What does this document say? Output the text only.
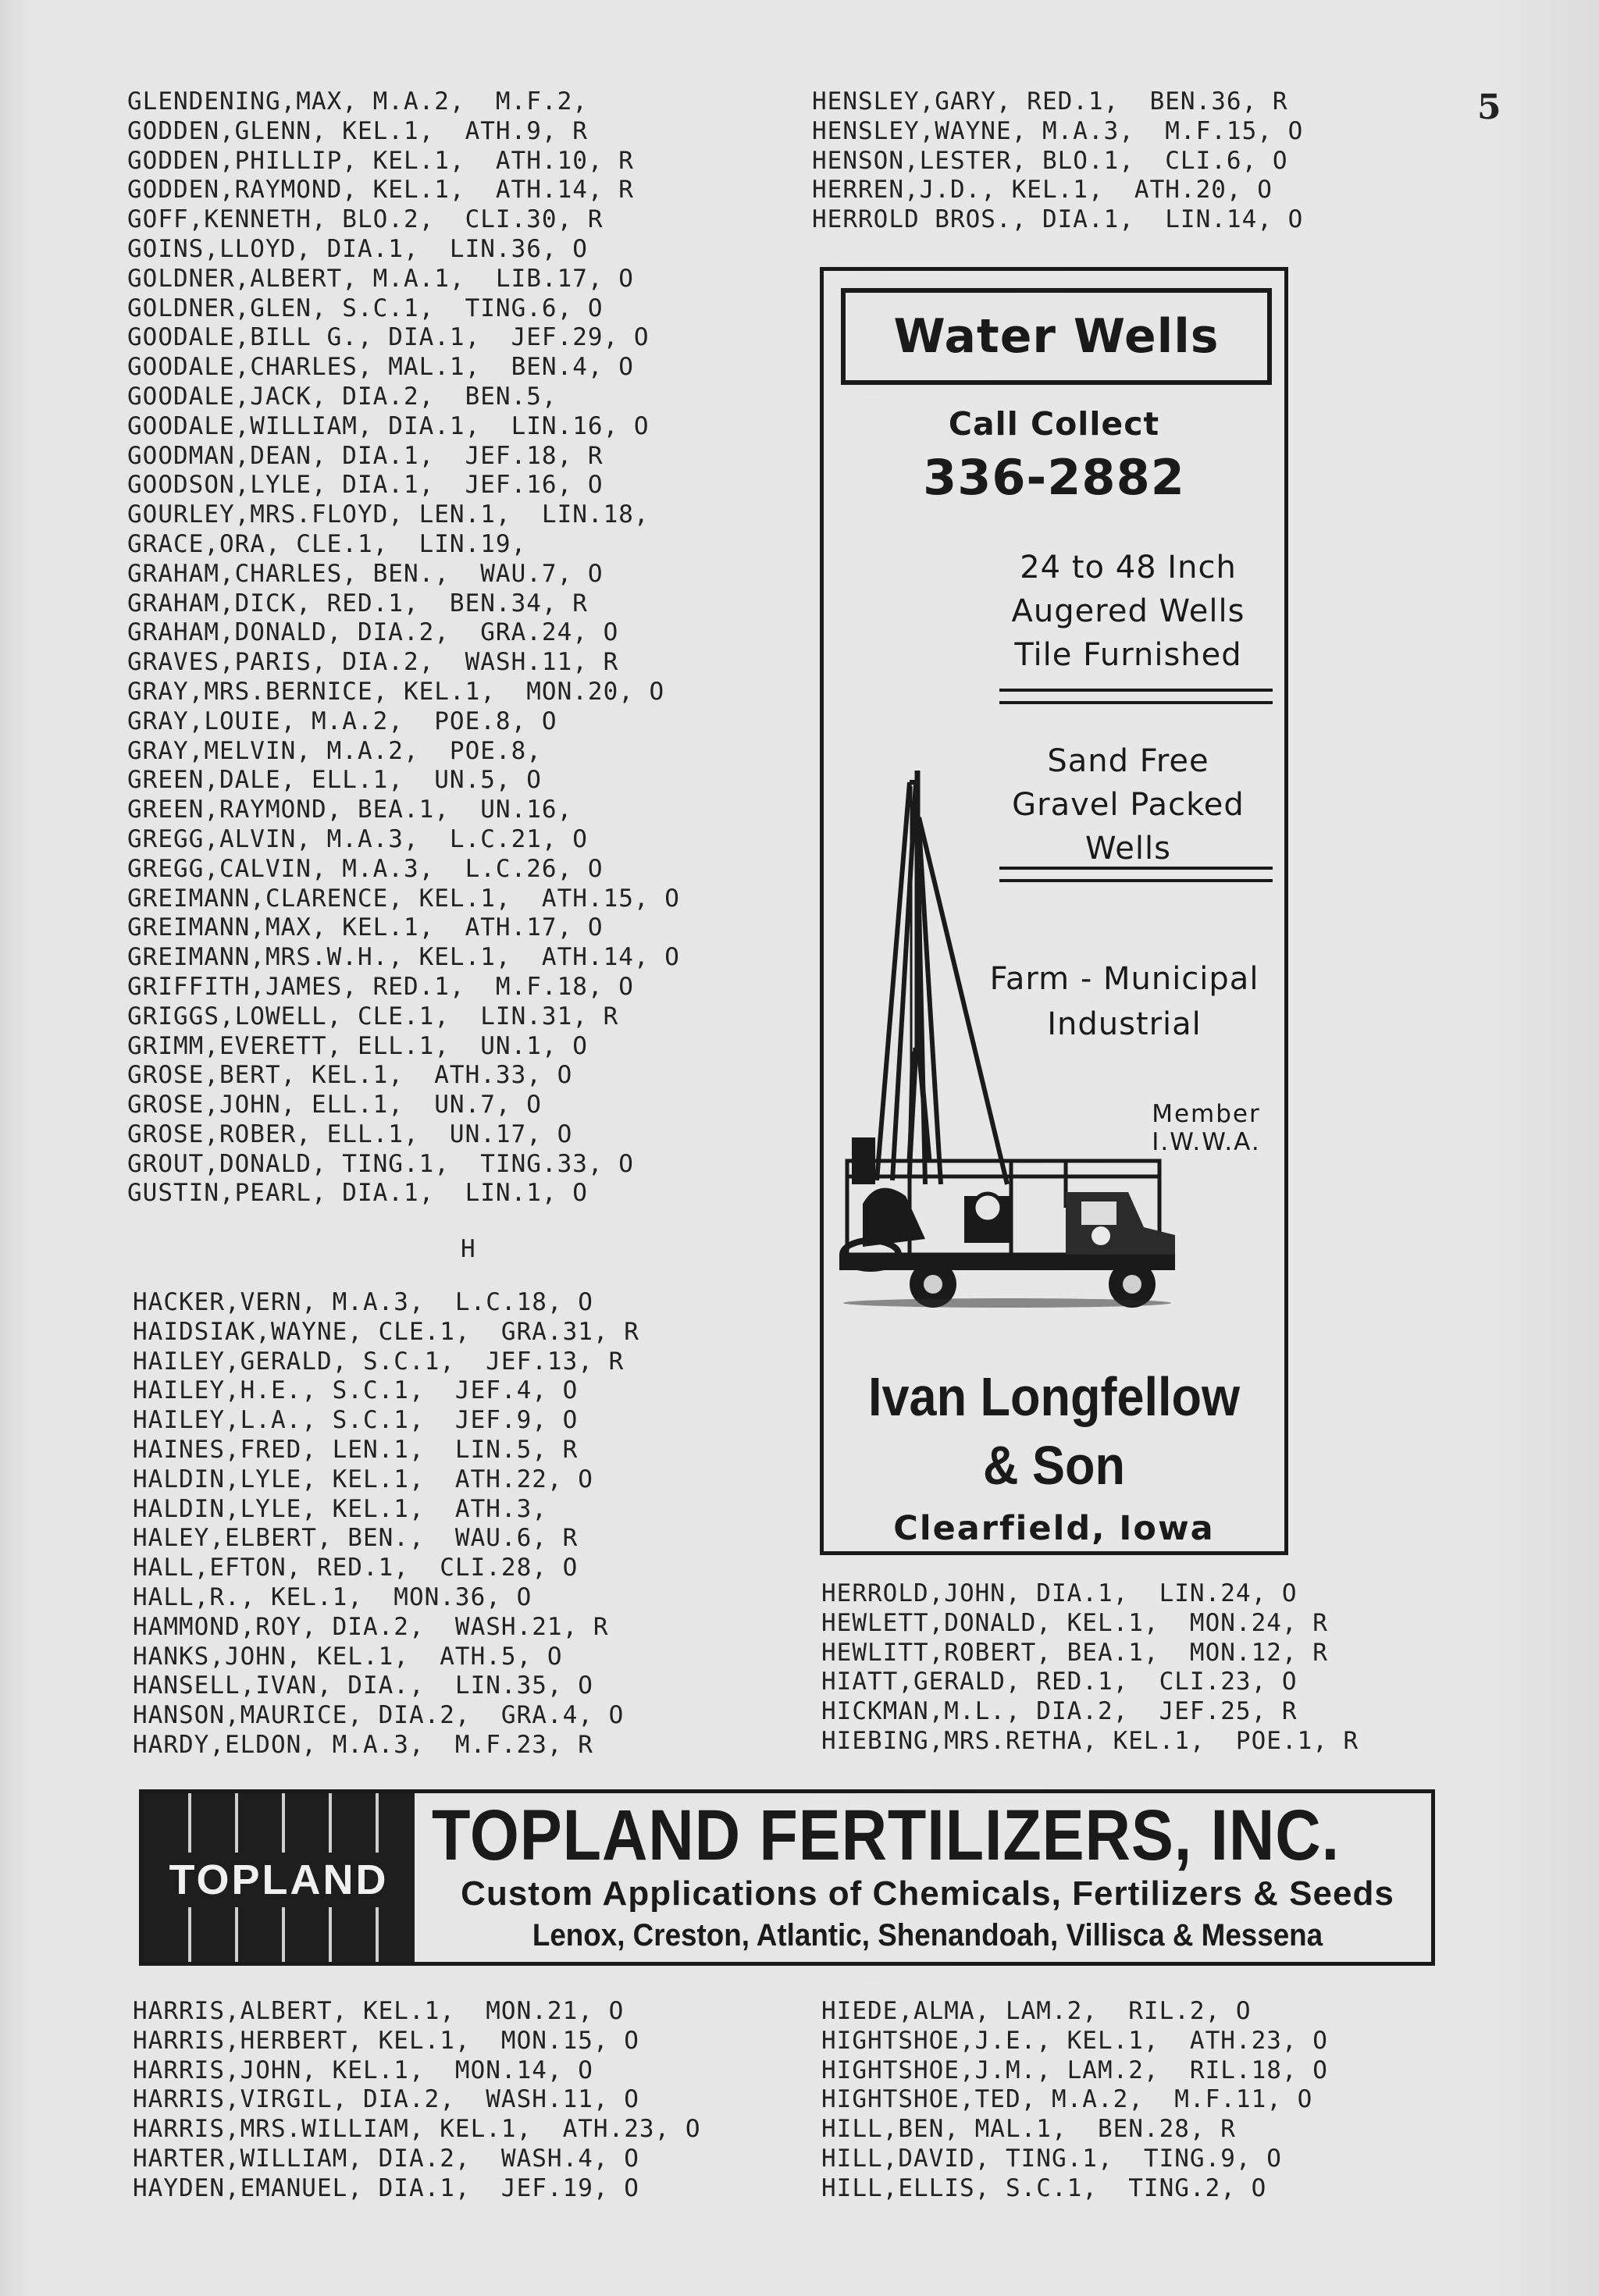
5
GLENDENING,MAX, M.A.2,  M.F.2,
GODDEN,GLENN, KEL.1,  ATH.9, R
GODDEN,PHILLIP, KEL.1,  ATH.10, R
GODDEN,RAYMOND, KEL.1,  ATH.14, R
GOFF,KENNETH, BLO.2,  CLI.30, R
GOINS,LLOYD, DIA.1,  LIN.36, O
GOLDNER,ALBERT, M.A.1,  LIB.17, O
GOLDNER,GLEN, S.C.1,  TING.6, O
GOODALE,BILL G., DIA.1,  JEF.29, O
GOODALE,CHARLES, MAL.1,  BEN.4, O
GOODALE,JACK, DIA.2,  BEN.5,
GOODALE,WILLIAM, DIA.1,  LIN.16, O
GOODMAN,DEAN, DIA.1,  JEF.18, R
GOODSON,LYLE, DIA.1,  JEF.16, O
GOURLEY,MRS.FLOYD, LEN.1,  LIN.18,
GRACE,ORA, CLE.1,  LIN.19,
GRAHAM,CHARLES, BEN.,  WAU.7, O
GRAHAM,DICK, RED.1,  BEN.34, R
GRAHAM,DONALD, DIA.2,  GRA.24, O
GRAVES,PARIS, DIA.2,  WASH.11, R
GRAY,MRS.BERNICE, KEL.1,  MON.20, O
GRAY,LOUIE, M.A.2,  POE.8, O
GRAY,MELVIN, M.A.2,  POE.8,
GREEN,DALE, ELL.1,  UN.5, O
GREEN,RAYMOND, BEA.1,  UN.16,
GREGG,ALVIN, M.A.3,  L.C.21, O
GREGG,CALVIN, M.A.3,  L.C.26, O
GREIMANN,CLARENCE, KEL.1,  ATH.15, O
GREIMANN,MAX, KEL.1,  ATH.17, O
GREIMANN,MRS.W.H., KEL.1,  ATH.14, O
GRIFFITH,JAMES, RED.1,  M.F.18, O
GRIGGS,LOWELL, CLE.1,  LIN.31, R
GRIMM,EVERETT, ELL.1,  UN.1, O
GROSE,BERT, KEL.1,  ATH.33, O
GROSE,JOHN, ELL.1,  UN.7, O
GROSE,ROBER, ELL.1,  UN.17, O
GROUT,DONALD, TING.1,  TING.33, O
GUSTIN,PEARL, DIA.1,  LIN.1, O
H
HACKER,VERN, M.A.3,  L.C.18, O
HAIDSIAK,WAYNE, CLE.1,  GRA.31, R
HAILEY,GERALD, S.C.1,  JEF.13, R
HAILEY,H.E., S.C.1,  JEF.4, O
HAILEY,L.A., S.C.1,  JEF.9, O
HAINES,FRED, LEN.1,  LIN.5, R
HALDIN,LYLE, KEL.1,  ATH.22, O
HALDIN,LYLE, KEL.1,  ATH.3,
HALEY,ELBERT, BEN.,  WAU.6, R
HALL,EFTON, RED.1,  CLI.28, O
HALL,R., KEL.1,  MON.36, O
HAMMOND,ROY, DIA.2,  WASH.21, R
HANKS,JOHN, KEL.1,  ATH.5, O
HANSELL,IVAN, DIA.,  LIN.35, O
HANSON,MAURICE, DIA.2,  GRA.4, O
HARDY,ELDON, M.A.3,  M.F.23, R
HENSLEY,GARY, RED.1,  BEN.36, R
HENSLEY,WAYNE, M.A.3,  M.F.15, O
HENSON,LESTER, BLO.1,  CLI.6, O
HERREN,J.D., KEL.1,  ATH.20, O
HERROLD BROS., DIA.1,  LIN.14, O
Water Wells
Call Collect
336-2882
24 to 48 Inch
Augered Wells
Tile Furnished
Sand Free
Gravel Packed
Wells
Farm - Municipal
Industrial
Member
I.W.W.A.
Ivan Longfellow
& Son
Clearfield, Iowa
HERROLD,JOHN, DIA.1,  LIN.24, O
HEWLETT,DONALD, KEL.1,  MON.24, R
HEWLITT,ROBERT, BEA.1,  MON.12, R
HIATT,GERALD, RED.1,  CLI.23, O
HICKMAN,M.L., DIA.2,  JEF.25, R
HIEBING,MRS.RETHA, KEL.1,  POE.1, R
TOPLAND
TOPLAND FERTILIZERS, INC.
Custom Applications of Chemicals, Fertilizers & Seeds
Lenox, Creston, Atlantic, Shenandoah, Villisca & Messena
HARRIS,ALBERT, KEL.1,  MON.21, O
HARRIS,HERBERT, KEL.1,  MON.15, O
HARRIS,JOHN, KEL.1,  MON.14, O
HARRIS,VIRGIL, DIA.2,  WASH.11, O
HARRIS,MRS.WILLIAM, KEL.1,  ATH.23, O
HARTER,WILLIAM, DIA.2,  WASH.4, O
HAYDEN,EMANUEL, DIA.1,  JEF.19, O
HIEDE,ALMA, LAM.2,  RIL.2, O
HIGHTSHOE,J.E., KEL.1,  ATH.23, O
HIGHTSHOE,J.M., LAM.2,  RIL.18, O
HIGHTSHOE,TED, M.A.2,  M.F.11, O
HILL,BEN, MAL.1,  BEN.28, R
HILL,DAVID, TING.1,  TING.9, O
HILL,ELLIS, S.C.1,  TING.2, O
